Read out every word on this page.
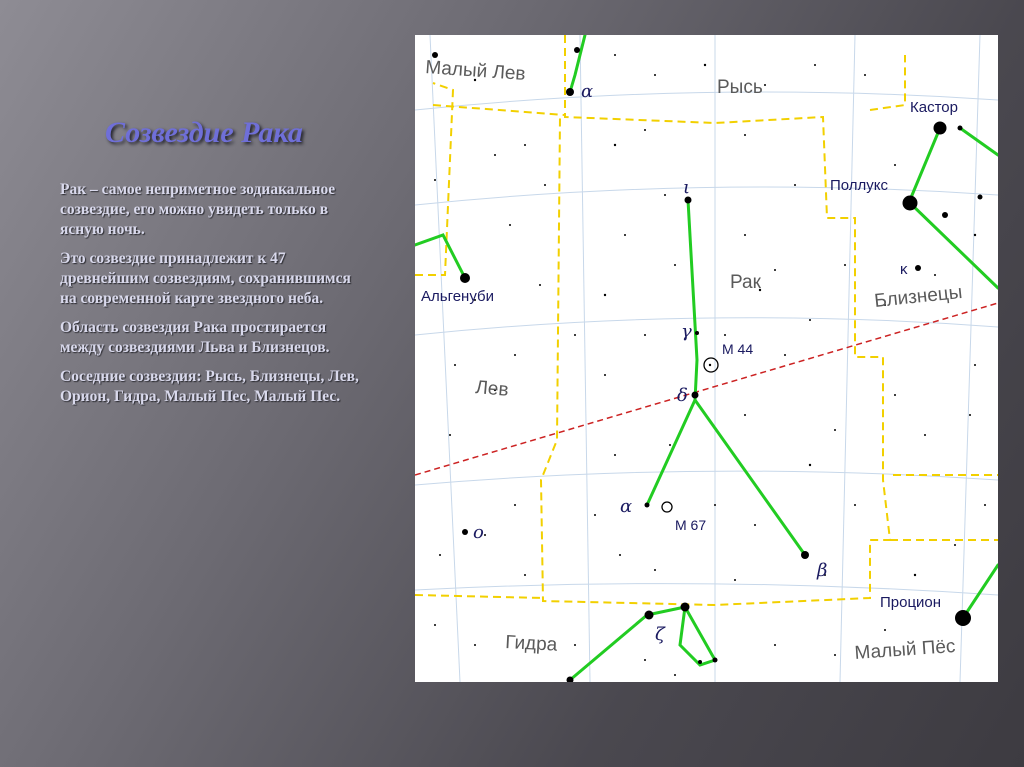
Созвездие Рака

Рак – самое неприметное зодиакальное созвездие, его можно увидеть только в ясную ночь.

Это созвездие принадлежит к 47 древнейшим созвездиям, сохранившимся на современной карте звездного неба.

Область созвездия Рака простирается между созвездиями Льва и Близнецов.

Соседние созвездия: Рысь, Близнецы, Лев, Орион, Гидра, Малый Пес, Малый Пес.

Малый Лев
Рысь
Рак	Близнецы
Лев
Гидра	Малый Пёс
Кастор
Поллукс
Альгенуби
Процион
κ
M 44
M 67
α
ι
γ
δ
α
β
ζ
ο
